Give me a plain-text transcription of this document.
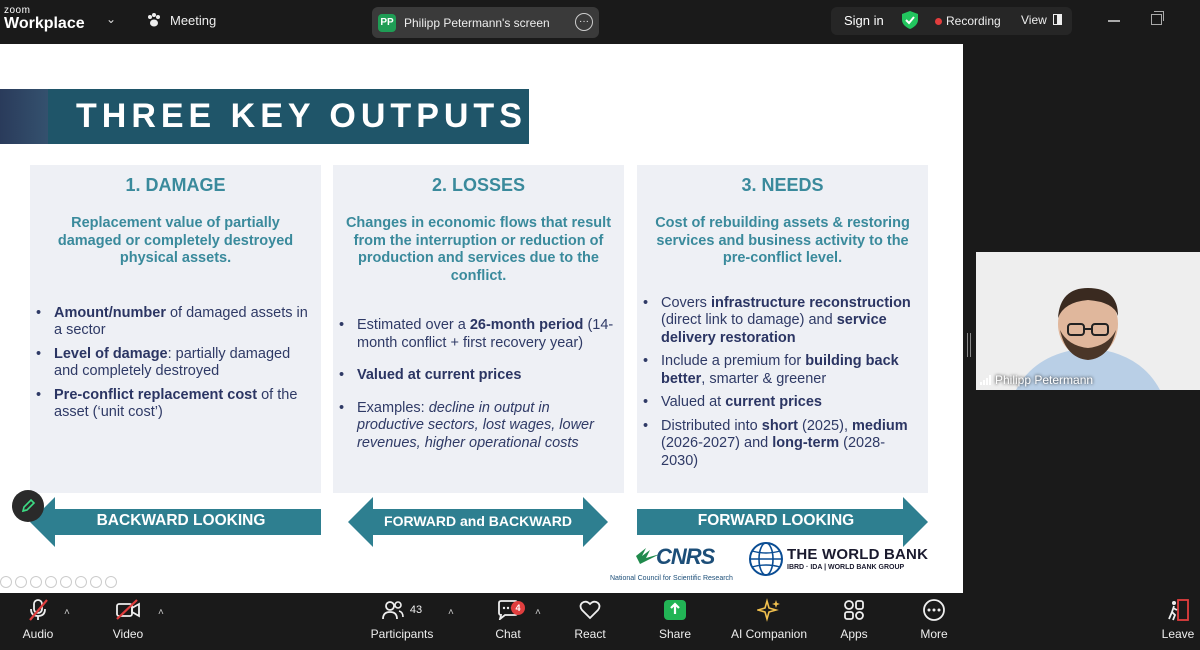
zoom
Workplace ⌄	Meeting	PP Philipp Petermann's screen	···	Sign in	Recording View
THREE KEY OUTPUTS
1. DAMAGE
Replacement value of partially damaged or completely destroyed physical assets.
• Amount/number of damaged assets in a sector
• Level of damage: partially damaged and completely destroyed
• Pre-conflict replacement cost of the asset (‘unit cost’)
2. LOSSES
Changes in economic flows that result from the interruption or reduction of production and services due to the conflict.
• Estimated over a 26-month period (14-month conflict + first recovery year)
• Valued at current prices
• Examples: decline in output in productive sectors, lost wages, lower revenues, higher operational costs
3. NEEDS
Cost of rebuilding assets & restoring services and business activity to the pre-conflict level.
• Covers infrastructure reconstruction (direct link to damage) and service delivery restoration
• Include a premium for building back better, smarter & greener
• Valued at current prices
• Distributed into short (2025), medium (2026-2027) and long-term (2028-2030)
BACKWARD LOOKING	FORWARD and BACKWARD	FORWARD LOOKING
CNRS
National Council for Scientific Research
THE WORLD BANK
IBRD · IDA | WORLD BANK GROUP
Philipp Petermann
Audio
˄
Video
˄	43
Participants
˄
Chat
4	˄
React	Share	AI Companion	Apps	More	Leave
